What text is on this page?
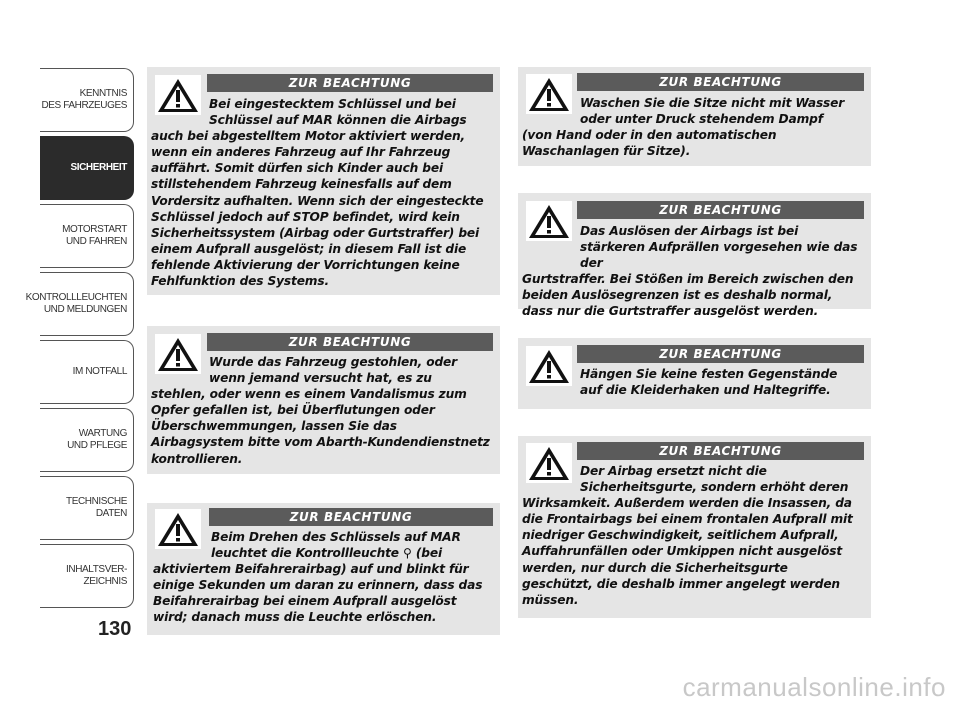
KENNTNIS
DES FAHRZEUGES
SICHERHEIT
MOTORSTART
UND FAHREN
KONTROLLLEUCHTEN
UND MELDUNGEN
IM NOTFALL
WARTUNG
UND PFLEGE
TECHNISCHE
DATEN
INHALTSVER-
ZEICHNIS
130
ZUR BEACHTUNG

Bei eingestecktem Schlüssel und bei Schlüssel auf MAR können die Airbags
auch bei abgestelltem Motor aktiviert werden, wenn ein anderes Fahrzeug auf Ihr Fahrzeug auffährt. Somit dürfen sich Kinder auch bei stillstehendem Fahrzeug keinesfalls auf dem Vordersitz aufhalten. Wenn sich der eingesteckte Schlüssel jedoch auf STOP befindet, wird kein Sicherheitssystem (Airbag oder Gurtstraffer) bei einem Aufprall ausgelöst; in diesem Fall ist die fehlende Aktivierung der Vorrichtungen keine Fehlfunktion des Systems.

ZUR BEACHTUNG

Wurde das Fahrzeug gestohlen, oder wenn jemand versucht hat, es zu
stehlen, oder wenn es einem Vandalismus zum Opfer gefallen ist, bei Überflutungen oder Überschwemmungen, lassen Sie das Airbagsystem bitte vom Abarth-Kundendienstnetz kontrollieren.

ZUR BEACHTUNG

Beim Drehen des Schlüssels auf MAR leuchtet die Kontrollleuchte ⚲ (bei
aktiviertem Beifahrerairbag) auf und blinkt für einige Sekunden um daran zu erinnern, dass das Beifahrerairbag bei einem Aufprall ausgelöst wird; danach muss die Leuchte erlöschen.

ZUR BEACHTUNG

Waschen Sie die Sitze nicht mit Wasser oder unter Druck stehendem Dampf
(von Hand oder in den automatischen Waschanlagen für Sitze).

ZUR BEACHTUNG

Das Auslösen der Airbags ist bei stärkeren Aufprällen vorgesehen wie das der
Gurtstraffer. Bei Stößen im Bereich zwischen den beiden Auslösegrenzen ist es deshalb normal, dass nur die Gurtstraffer ausgelöst werden.

ZUR BEACHTUNG

Hängen Sie keine festen Gegenstände auf die Kleiderhaken und Haltegriffe.

ZUR BEACHTUNG

Der Airbag ersetzt nicht die Sicherheitsgurte, sondern erhöht deren
Wirksamkeit. Außerdem werden die Insassen, da die Frontairbags bei einem frontalen Aufprall mit niedriger Geschwindigkeit, seitlichem Aufprall, Auffahrunfällen oder Umkippen nicht ausgelöst werden, nur durch die Sicherheitsgurte geschützt, die deshalb immer angelegt werden müssen.

carmanualsonline.info
